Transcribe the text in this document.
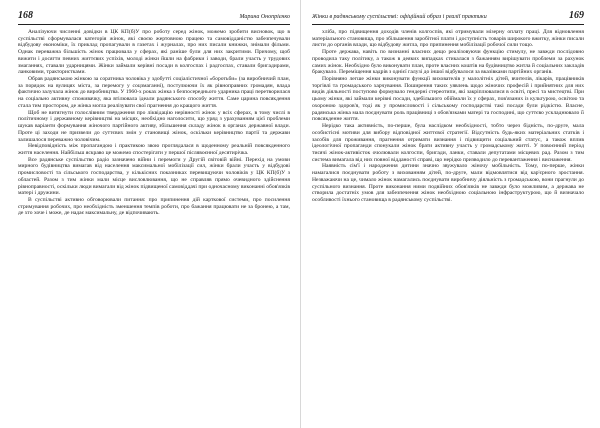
168	Марина Онопрієнко

Аналізуючи численні довідки в ЦК КП(б)У про роботу серед жінок, можемо зробити висновок, що в суспільстві сформувалася категорія жінок, які своєю жертовною працею та самовідданістю забезпечували відбудову економіки, їх приклад пропагували в газетах і журналах, про них писали книжки, знімали фільми. Однак переважна більшість жінок працювала у сферах, які раніше були для них закритими. Причому, щоб вижити і досягти певних життєвих успіхів, молоді жінки йшли на фабрики і заводи, брали участь у трудових змаганнях, ставали ударницями. Жінки займали керівні посади в колгоспах і радгоспах, ставали бригадирами, ланковими, трактористками.

Обрав радянською жінкою за соратника чоловіка у здобутті соціалістичної «боротьби» (за виробничий план, за порядок на вулицях міста, за перемогу у соцзмаганні), постулюючи їх як рівноправних громадян, влада фактично залучала жінок до виробництва. У 1960-х роках жінка з безпосереднього ударника праці перетворилася на соціально активну споживачку, яка втілювала ідеали радянського способу життя. Саме царина повсякдення стала тим простором, де жінка могла реалізувати свої прагнення до кращого життя.

Щоб не витягнути голослівним твердження про ліквідацію нерівності жінок у всіх сферах, в тому числі в політичному і державному керівництві на місцях, необхідно наголосити, що уряд з урахуванням цієї проблеми шукав варіанти формування жіночого партійного активу, збільшення складу жінок в органах державної влади. Проте ці заходи не призвели до суттєвих змін у становищі жінок, оскільки керівництво партії та держави залишалося переважно чоловічим.

Невідповідність між пропагандою і практикою звою проглядалася в щоденному реальній повсякденного життя населення. Найбільш яскраво це можемо спостерігати у першої післявоєнної десятирічка.

Все радянське суспільство радіо зазначено війни і перемоги у Другій світовій війні. Перехід на умови мирного будівництва вимагав від населення максимальної мобілізації сил, жінки брали участь у відбудові промисловості та сільського господарства, у кількісних показниках перевищуючи чоловіків у ЦК КП(б)У з областей. Разом з тим жінки мали місце висловлювання, що не справляв прямо очевидного здійснення рівноправності, оскільки люди вимагали від жінок підвищеної самовіддачі при одночасному виконанні обов'язків матері і дружини.

В суспільстві активно обговорювали питання: про припинення дій карткової системи, про посилення стримування робочих, про необхідність зменшення темпів роботи, про бажання працювати не за бронею, а там, де хто хоче і може, де надає максимальну, де відпочивають.

Жінки в радянському суспільстві: офіційний образ і реалії практики	169

хліба, про підвищення доходів членів колгоспів, які отримували мізерну оплату праці. Для відновлення матеріального становища, про збільшення заробітної плати і доступність товарів широкого вжитку, жінки писали листи до органів влади, що відбудову житла, про припинення мобілізації робочої сили тощо.

Проте держава, навіть по визнанні власних дещо реалізовуючи функцію стимулу, не завжди послідовно проводила таку політику, а також в деяких випадках стикалася з бажанням вирішувати проблеми за рахунок самих жінок. Необхідно було виконувати план, проте власних коштів на будівництво житла й соціальних закладів бракувало. Переміщення кадрів з однієї галузі до іншої відбувалося за вказівками партійних органів.

Порівняно легше жінки виконувати функції вихователів у малолітніх дітей, вчителів, лікарів, працівників торгівлі та громадського харчування. Поширення таких уявлень щодо жіночих професій і прийнятних для них видів діяльності поступово формувало гендерні стереотипи, які закріплювалися в освіті, пресі та мистецтві. При цьому жінки, які займали керівні посади, здебільшого обіймали їх у сферах, пов'язаних із культурою, освітою та охороною здоров'я, тоді як у промисловості і сільському господарстві такі посади були рідкістю. Власне, радянська жінка мала поєднувати роль працівниці з обов'язками матері та господині, що суттєво ускладнювало її повсякденне життя.

Нерідко така активність, по-перше, була наслідком необхідності, тобто через бідність, по-друге, мала особистісні мотиви для вибору відповідної життєвої стратегії. Відсутність будь-яких матеріальних статків і засобів для проживання, прагнення отримати визнання і підвищити соціальний статус, а також вплив ідеологічної пропаганди спонукали жінок брати активну участь у громадському житті. У повоєнний період тисячі жінок-активісток очолювали колгоспи, бригади, ланки, ставали депутатами місцевих рад. Разом з тим система вимагала від них повної відданості справі, що нерідко призводило до перевантаження і виснаження.

Наявність сім'ї і народження дитини значно звужувало жіночу мобільність. Тому, по-перше, жінки намагалися поєднувати роботу з вихованням дітей, по-друге, мали відмовлятися від кар'єрного зростання. Незважаючи на це, чимало жінок намагались поєднувати виробничу діяльність з громадською, вони прагнули до суспільного визнання. Проте виконання ними подвійних обов'язків не завжди було можливим, а держава не створила достатніх умов для забезпечення жінок необхідною соціальною інфраструктурою, що й визначало особливості їхнього становища в радянському суспільстві.
